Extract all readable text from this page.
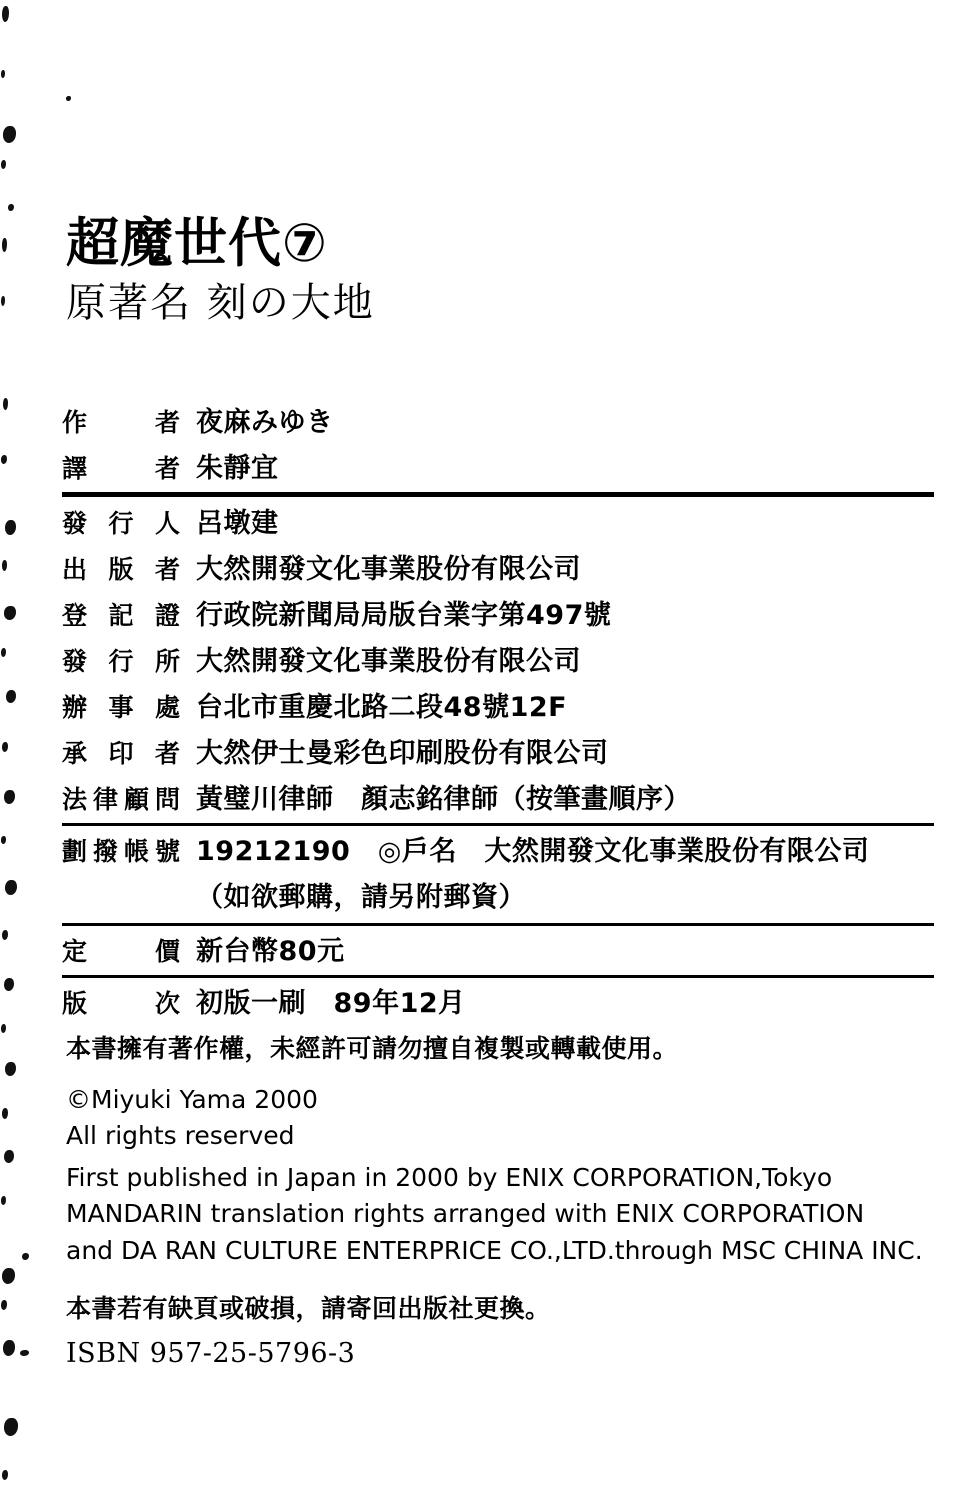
超魔世代⑦
原著名 刻の大地
作　者 夜麻みゆき
譯　者 朱靜宜
發行人 呂墩建
出版者 大然開發文化事業股份有限公司
登記證 行政院新聞局局版台業字第497號
發行所 大然開發文化事業股份有限公司
辦事處 台北市重慶北路二段48號12F
承印者 大然伊士曼彩色印刷股份有限公司
法律顧問 黃璧川律師　顏志銘律師（按筆畫順序）
劃撥帳號 19212190　◎戶名　大然開發文化事業股份有限公司
（如欲郵購，請另附郵資）
定　價 新台幣80元
版　次 初版一刷　89年12月
本書擁有著作權，未經許可請勿擅自複製或轉載使用。
©Miyuki Yama 2000
All rights reserved
First published in Japan in 2000 by ENIX CORPORATION,Tokyo
MANDARIN translation rights arranged with ENIX CORPORATION
and DA RAN CULTURE ENTERPRICE CO.,LTD.through MSC CHINA INC.
本書若有缺頁或破損，請寄回出版社更換。
ISBN 957-25-5796-3
